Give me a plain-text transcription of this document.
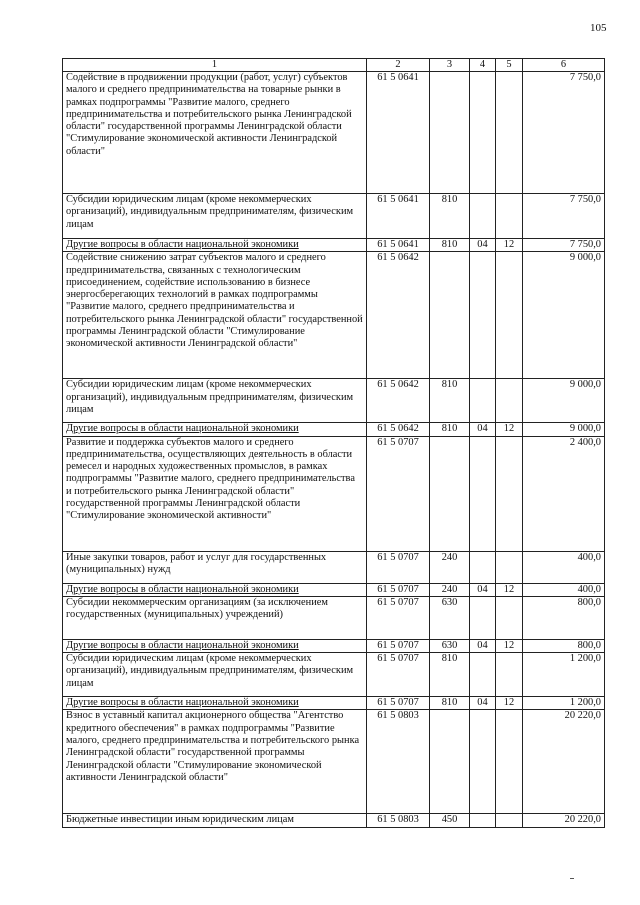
105
1	2	3	4	5	6
Содействие в продвижении продукции (работ, услуг) субъектов малого и среднего предпринимательства на товарные рынки в рамках подпрограммы "Развитие малого, среднего предпринимательства и потребительского рынка Ленинградской области" государственной программы Ленинградской области "Стимулирование экономической активности Ленинградской области"	61 5 0641				7 750,0
Субсидии юридическим лицам (кроме некоммерческих организаций), индивидуальным предпринимателям, физическим лицам	61 5 0641	810			7 750,0
Другие вопросы в области национальной экономики	61 5 0641	810	04	12	7 750,0
Содействие снижению затрат субъектов малого и среднего предпринимательства, связанных с технологическим присоединением, содействие использованию в бизнесе энергосберегающих технологий в рамках подпрограммы "Развитие малого, среднего предпринимательства и потребительского рынка Ленинградской области" государственной программы Ленинградской области "Стимулирование экономической активности Ленинградской области"	61 5 0642				9 000,0
Субсидии юридическим лицам (кроме некоммерческих организаций), индивидуальным предпринимателям, физическим лицам	61 5 0642	810			9 000,0
Другие вопросы в области национальной экономики	61 5 0642	810	04	12	9 000,0
Развитие и поддержка субъектов малого и среднего предпринимательства, осуществляющих деятельность в области ремесел и народных художественных промыслов, в рамках подпрограммы "Развитие малого, среднего предпринимательства и потребительского рынка Ленинградской области" государственной программы Ленинградской области "Стимулирование экономической активности"	61 5 0707				2 400,0
Иные закупки товаров, работ и услуг для государственных (муниципальных) нужд	61 5 0707	240			400,0
Другие вопросы в области национальной экономики	61 5 0707	240	04	12	400,0
Субсидии некоммерческим организациям (за исключением государственных (муниципальных) учреждений)	61 5 0707	630			800,0
Другие вопросы в области национальной экономики	61 5 0707	630	04	12	800,0
Субсидии юридическим лицам (кроме некоммерческих организаций), индивидуальным предпринимателям, физическим лицам	61 5 0707	810			1 200,0
Другие вопросы в области национальной экономики	61 5 0707	810	04	12	1 200,0
Взнос в уставный капитал акционерного общества "Агентство кредитного обеспечения" в рамках подпрограммы "Развитие малого, среднего предпринимательства и потребительского рынка Ленинградской области" государственной программы Ленинградской области "Стимулирование экономической активности Ленинградской области"	61 5 0803				20 220,0
Бюджетные инвестиции иным юридическим лицам	61 5 0803	450			20 220,0
